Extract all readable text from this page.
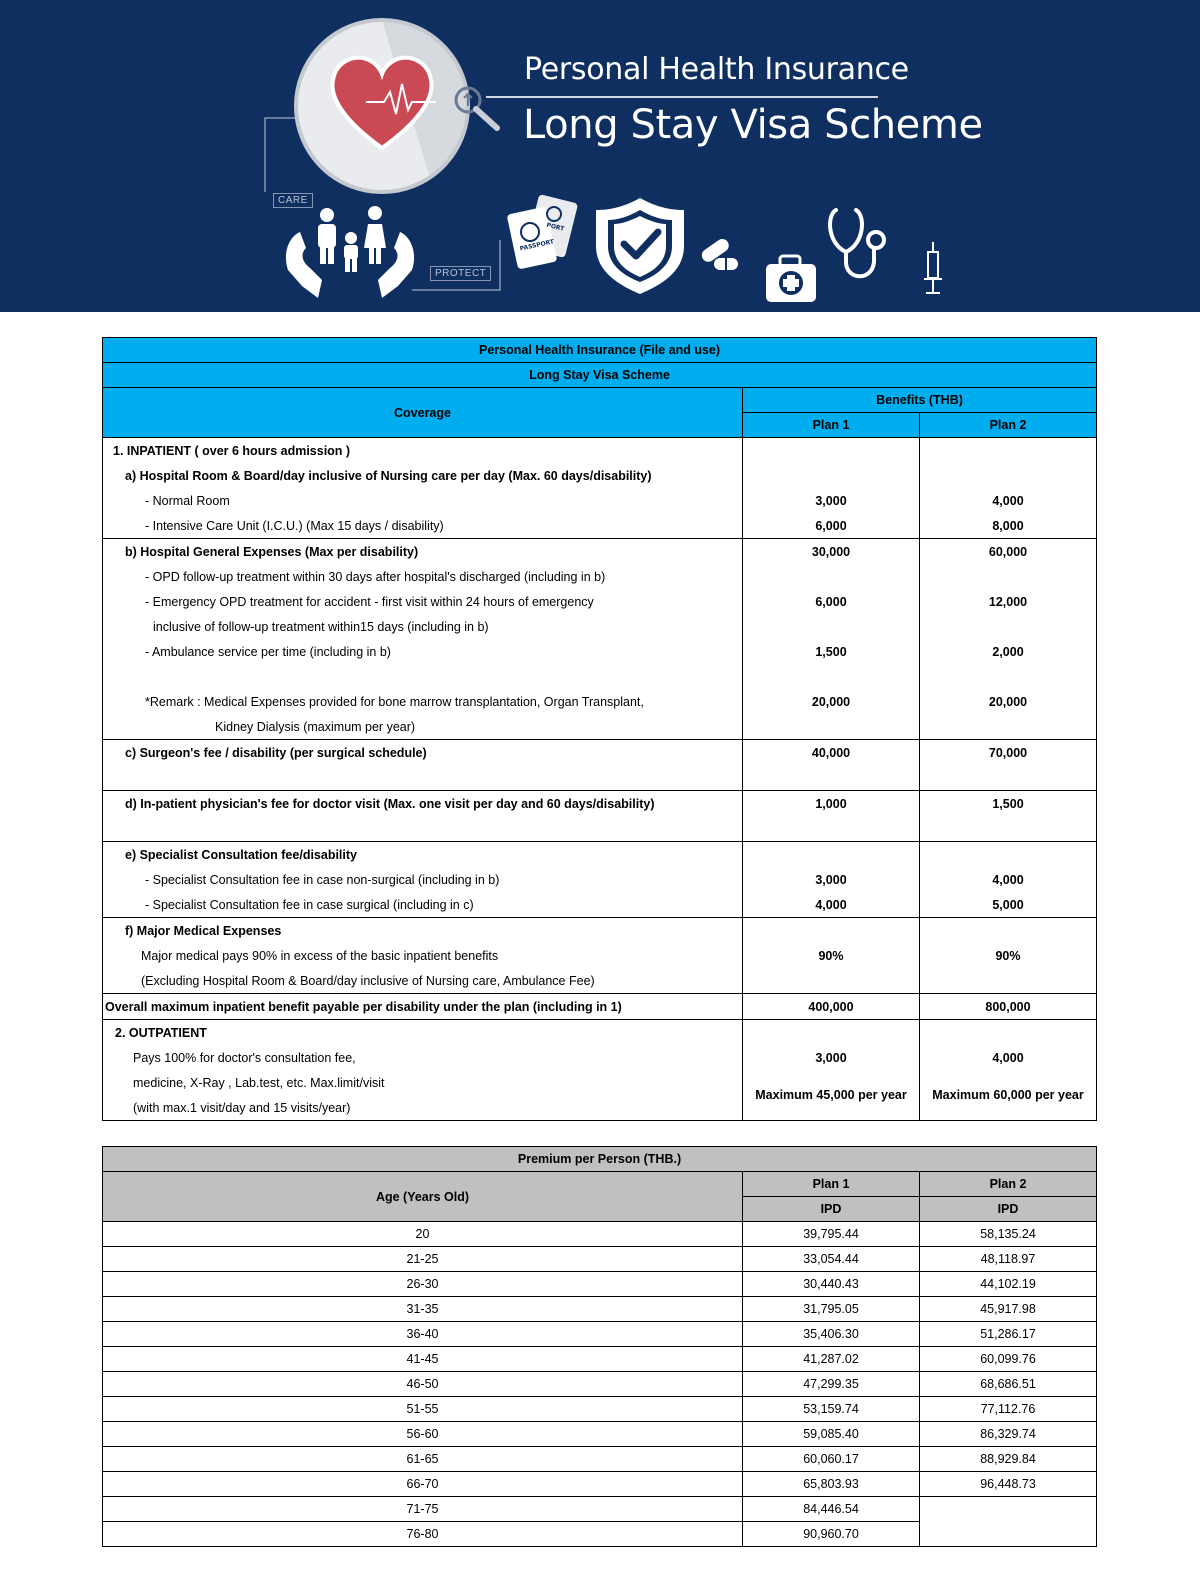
PASSPORT
PORT
CARE
PROTECT
Personal Health Insurance
Long Stay Visa Scheme
Personal Health Insurance (File and use)		
Long Stay Visa Scheme		
Coverage	Benefits (THB)	
	Plan 1	Plan 2
1. INPATIENT ( over 6 hours admission )		
a) Hospital Room & Board/day inclusive of Nursing care per day (Max. 60 days/disability)		
- Normal Room	3,000	4,000
- Intensive Care Unit (I.C.U.) (Max 15 days / disability)	6,000	8,000
b) Hospital General Expenses (Max per disability)	30,000	60,000
- OPD follow-up treatment within 30 days after hospital's discharged (including in b)		
- Emergency OPD treatment for accident - first visit within 24 hours of emergency	6,000	12,000
inclusive of follow-up treatment within15 days (including in b)		
- Ambulance service per time (including in b)	1,500	2,000

*Remark : Medical Expenses provided for bone marrow transplantation, Organ Transplant,	20,000	20,000
Kidney Dialysis (maximum per year)		
c) Surgeon's fee / disability (per surgical schedule)	40,000	70,000

d) In-patient physician's fee for doctor visit (Max. one visit per day and 60 days/disability)	1,000	1,500

e) Specialist Consultation fee/disability		
- Specialist Consultation fee in case non-surgical (including in b)	3,000	4,000
- Specialist Consultation fee in case surgical (including in c)	4,000	5,000
f) Major Medical Expenses		
Major medical pays 90% in excess of the basic inpatient benefits	90%	90%
(Excluding Hospital Room & Board/day inclusive of Nursing care, Ambulance Fee)		
Overall maximum inpatient benefit payable per disability under the plan (including in 1)	400,000	800,000
2. OUTPATIENT		
Pays 100% for doctor's consultation fee,	3,000	4,000
medicine, X-Ray , Lab.test, etc. Max.limit/visit	Maximum 45,000 per year	Maximum 60,000 per year
(with max.1 visit/day and 15 visits/year)		
Premium per Person (THB.)		
Age (Years Old)	Plan 1	Plan 2
	IPD	IPD
20	39,795.44	58,135.24
21-25	33,054.44	48,118.97
26-30	30,440.43	44,102.19
31-35	31,795.05	45,917.98
36-40	35,406.30	51,286.17
41-45	41,287.02	60,099.76
46-50	47,299.35	68,686.51
51-55	53,159.74	77,112.76
56-60	59,085.40	86,329.74
61-65	60,060.17	88,929.84
66-70	65,803.93	96,448.73
71-75	84,446.54	
76-80	90,960.70	
